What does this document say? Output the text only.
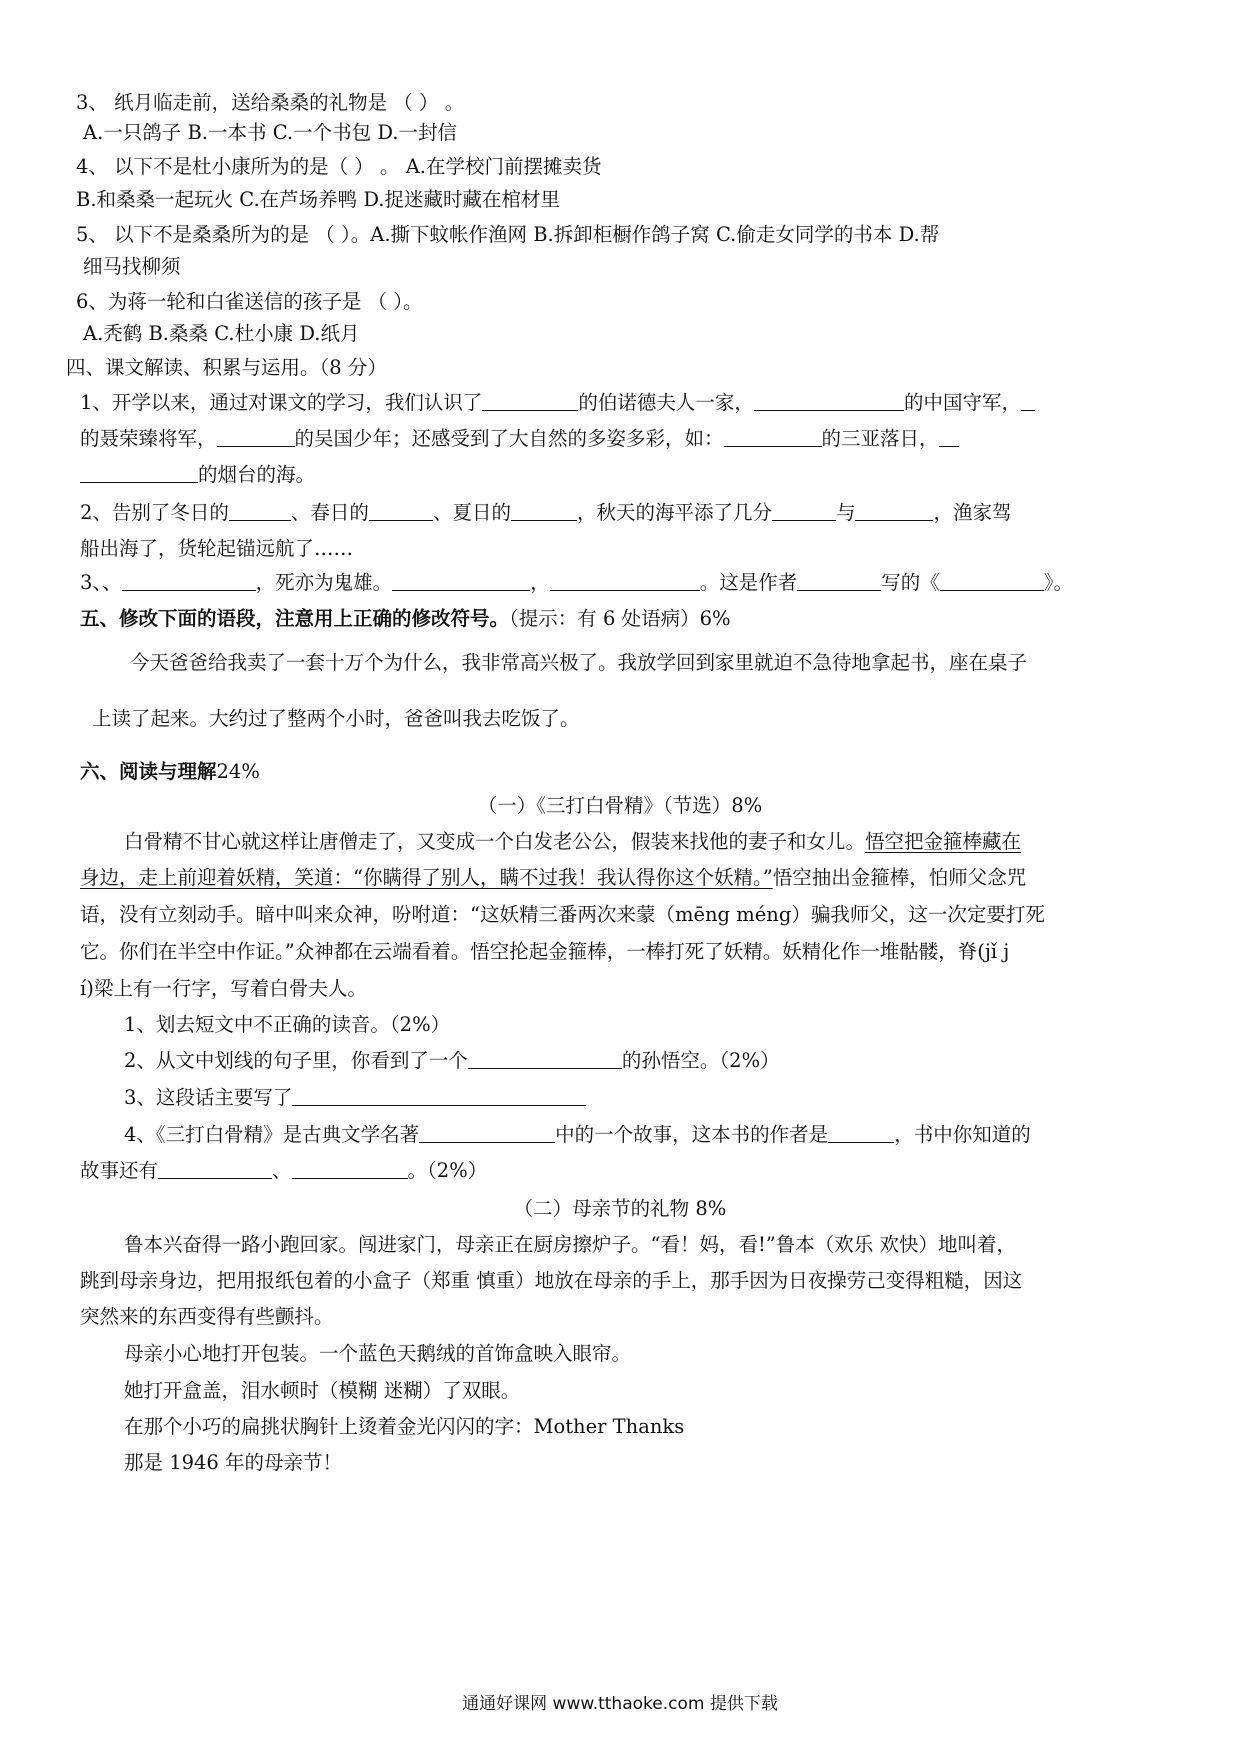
3、 纸月临走前，送给桑桑的礼物是 （ ） 。
A.一只鸽子 B.一本书 C.一个书包 D.一封信
4、 以下不是杜小康所为的是（ ） 。 A.在学校门前摆摊卖货
B.和桑桑一起玩火 C.在芦场养鸭 D.捉迷藏时藏在棺材里
5、 以下不是桑桑所为的是 （ ）。A.撕下蚊帐作渔网 B.拆卸柜橱作鸽子窝 C.偷走女同学的书本 D.帮
细马找柳须
6、为蒋一轮和白雀送信的孩子是 （ ）。
A.秃鹤 B.桑桑 C.杜小康 D.纸月
四、课文解读、积累与运用。（8 分）
1、开学以来，通过对课文的学习，我们认识了	的伯诺德夫人一家，	的中国守军，
的聂荣臻将军，	的吴国少年；还感受到了大自然的多姿多彩，如：	的三亚落日，
的烟台的海。
2、告别了冬日的	、春日的	、夏日的	，秋天的海平添了几分	与	，渔家驾
船出海了，货轮起锚远航了……
3、、	，死亦为鬼雄。	，	。这是作者	写的《	》。
五、修改下面的语段，注意用上正确的修改符号。（提示：有 6 处语病）6%
今天爸爸给我卖了一套十万个为什么，我非常高兴极了。我放学回到家里就迫不急待地拿起书，座在桌子
上读了起来。大约过了整两个小时，爸爸叫我去吃饭了。
六、阅读与理解24%
（一）《三打白骨精》（节选）8%
白骨精不甘心就这样让唐僧走了，又变成一个白发老公公，假装来找他的妻子和女儿。悟空把金箍棒藏在
身边，走上前迎着妖精，笑道：“你瞒得了别人，瞒不过我！我认得你这个妖精。”悟空抽出金箍棒，怕师父念咒
语，没有立刻动手。暗中叫来众神，吩咐道：“这妖精三番两次来蒙（mēng méng）骗我师父，这一次定要打死
它。你们在半空中作证。”众神都在云端看着。悟空抡起金箍棒，一棒打死了妖精。妖精化作一堆骷髅，脊(jǐ j
í)梁上有一行字，写着白骨夫人。
1、划去短文中不正确的读音。（2%）
2、从文中划线的句子里，你看到了一个	的孙悟空。（2%）
3、这段话主要写了
4、《三打白骨精》是古典文学名著	中的一个故事，这本书的作者是	，书中你知道的
故事还有	、	。（2%）
（二）母亲节的礼物 8%
鲁本兴奋得一路小跑回家。闯进家门，母亲正在厨房擦炉子。“看！妈，看!”鲁本（欢乐 欢快）地叫着，
跳到母亲身边，把用报纸包着的小盒子（郑重 慎重）地放在母亲的手上，那手因为日夜操劳己变得粗糙，因这
突然来的东西变得有些颤抖。
母亲小心地打开包装。一个蓝色天鹅绒的首饰盒映入眼帘。
她打开盒盖，泪水顿时（模糊 迷糊）了双眼。
在那个小巧的扁挑状胸针上烫着金光闪闪的字：Mother Thanks
那是 1946 年的母亲节！
通通好课网 www.tthaoke.com 提供下载
